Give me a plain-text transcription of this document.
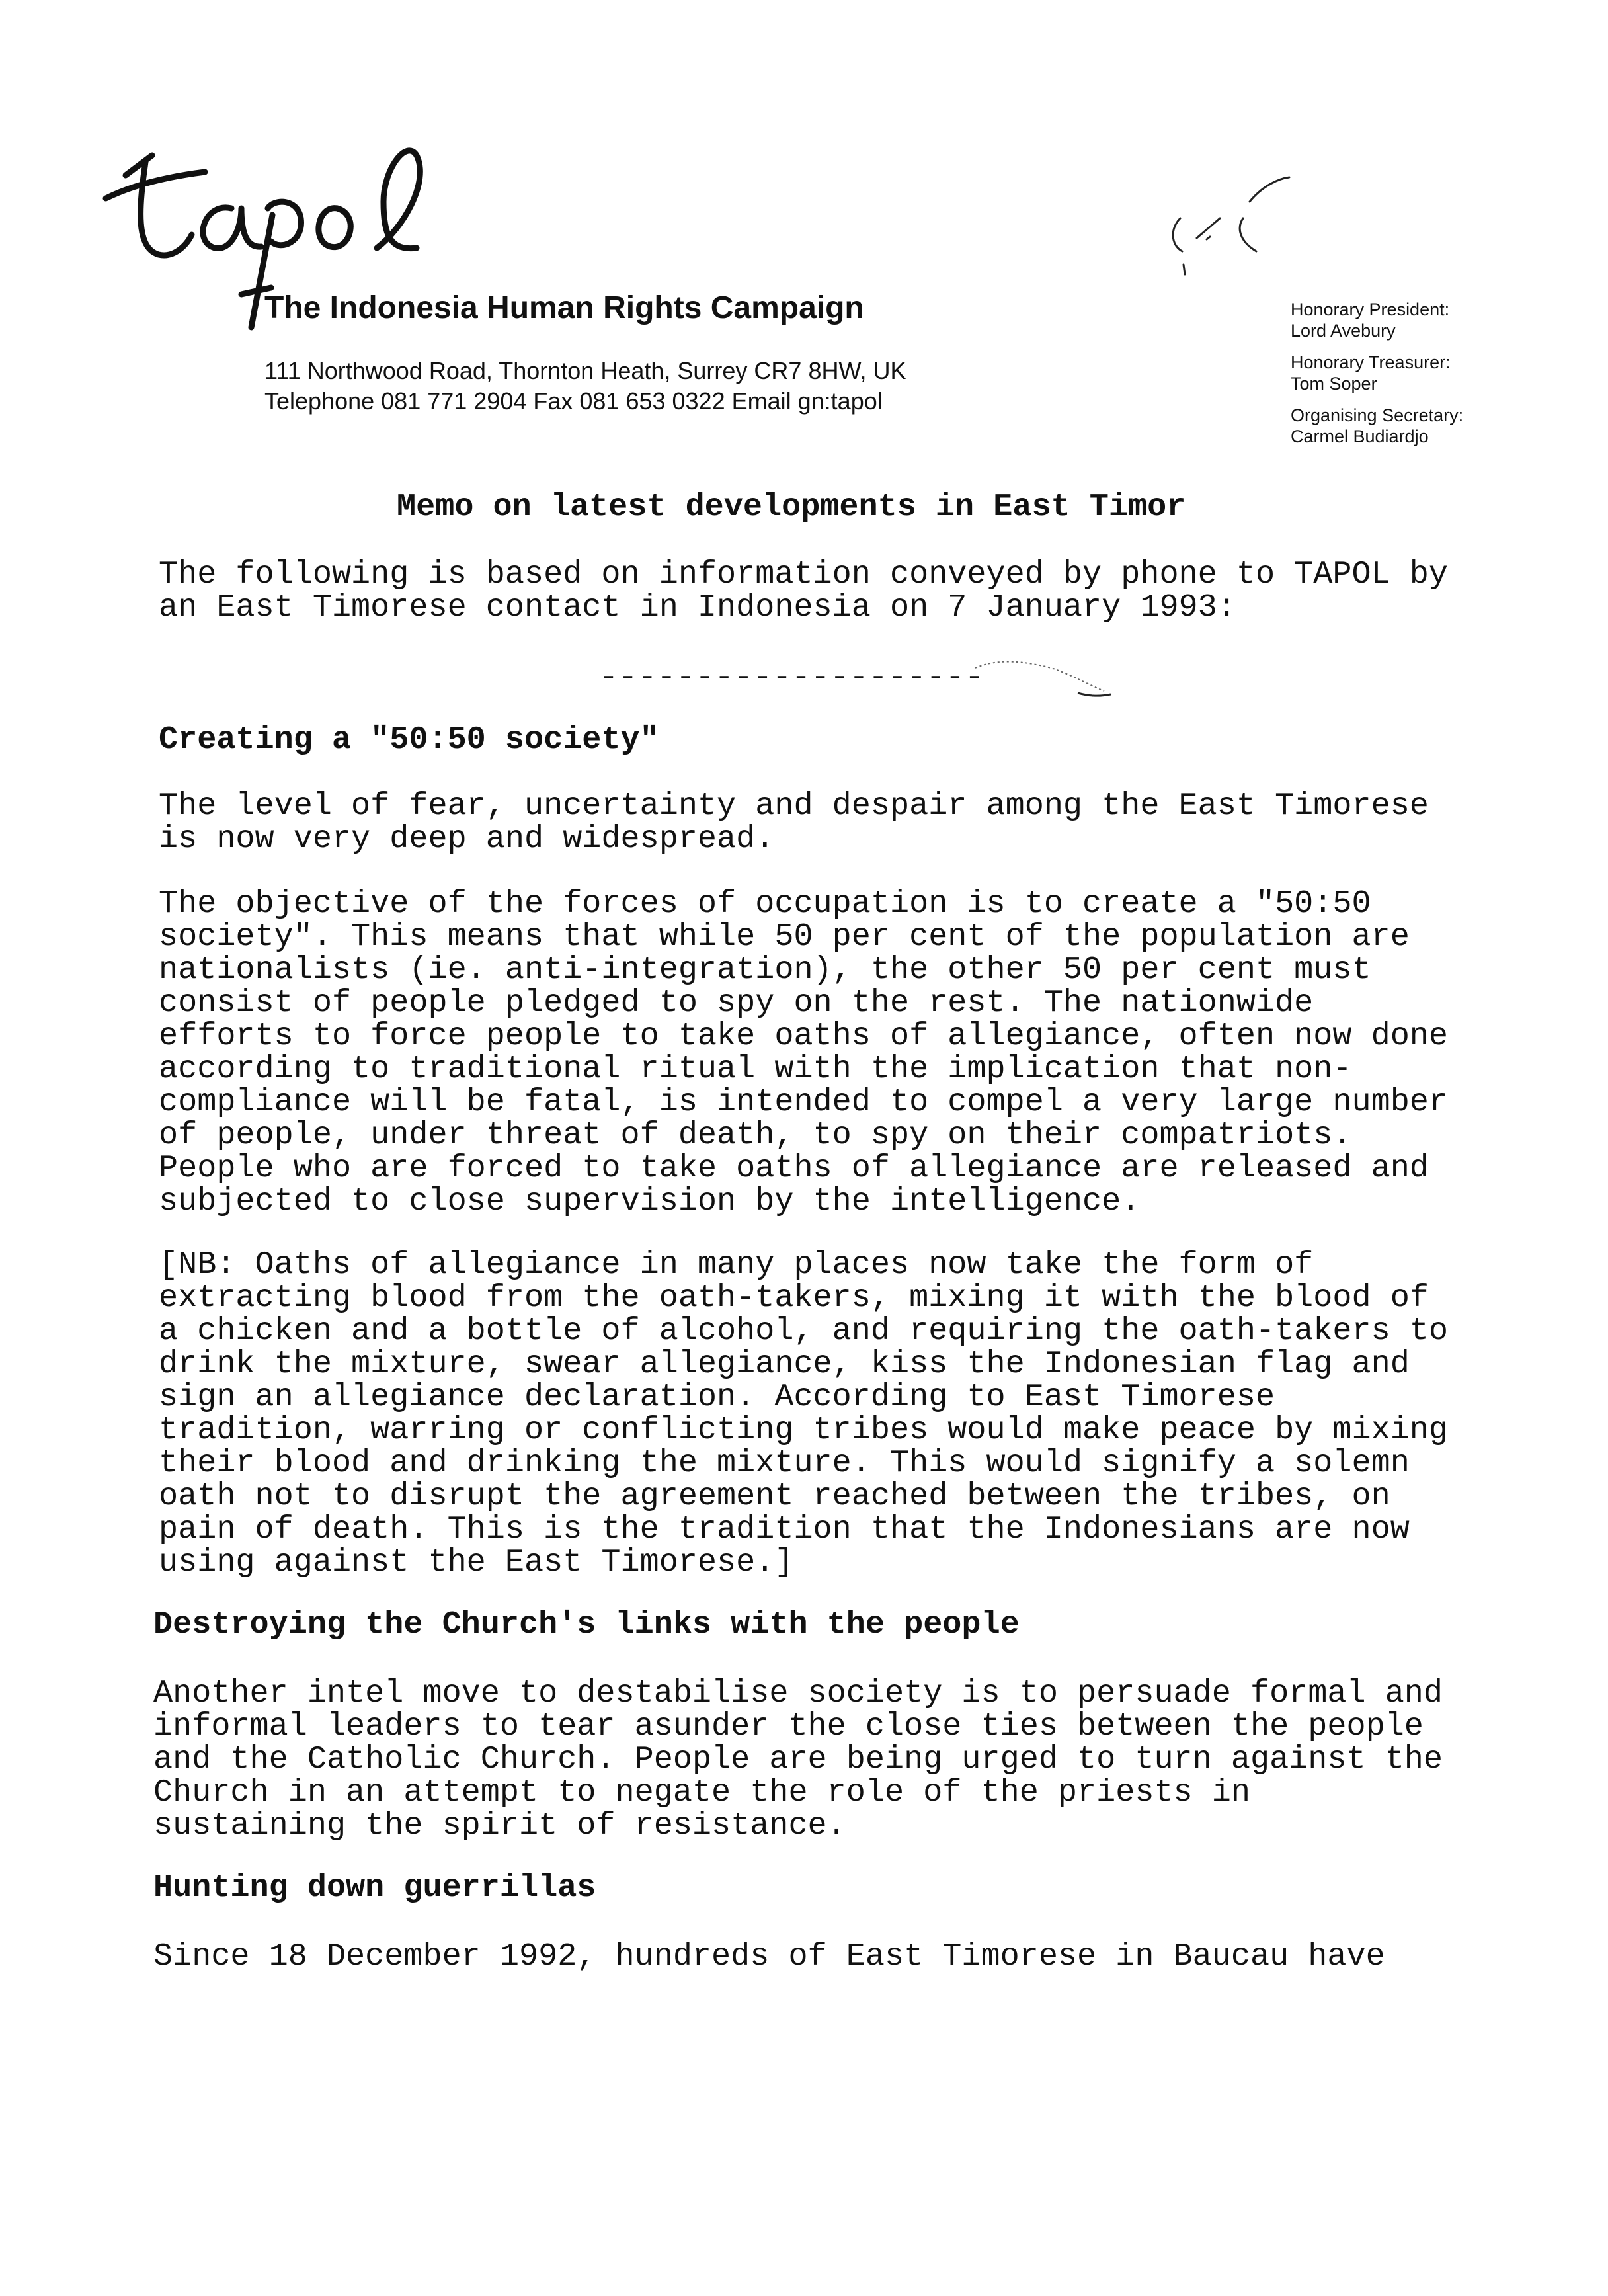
The Indonesia Human Rights Campaign
111 Northwood Road, Thornton Heath, Surrey CR7 8HW, UK
Telephone 081 771 2904 Fax 081 653 0322 Email gn:tapol
Honorary President:
Lord Avebury
Honorary Treasurer:
Tom Soper
Organising Secretary:
Carmel Budiardjo
Memo on latest developments in East Timor
The following is based on information conveyed by phone to TAPOL by
an East Timorese contact in Indonesia on 7 January 1993:
--------------------
Creating a "50:50 society"
The level of fear, uncertainty and despair among the East Timorese
is now very deep and widespread.
The objective of the forces of occupation is to create a "50:50
society". This means that while 50 per cent of the population are
nationalists (ie. anti-integration), the other 50 per cent must
consist of people pledged to spy on the rest. The nationwide
efforts to force people to take oaths of allegiance, often now done
according to traditional ritual with the implication that non-
compliance will be fatal, is intended to compel a very large number
of people, under threat of death, to spy on their compatriots.
People who are forced to take oaths of allegiance are released and
subjected to close supervision by the intelligence.
[NB: Oaths of allegiance in many places now take the form of
extracting blood from the oath-takers, mixing it with the blood of
a chicken and a bottle of alcohol, and requiring the oath-takers to
drink the mixture, swear allegiance, kiss the Indonesian flag and
sign an allegiance declaration. According to East Timorese
tradition, warring or conflicting tribes would make peace by mixing
their blood and drinking the mixture. This would signify a solemn
oath not to disrupt the agreement reached between the tribes, on
pain of death. This is the tradition that the Indonesians are now
using against the East Timorese.]
Destroying the Church's links with the people
Another intel move to destabilise society is to persuade formal and
informal leaders to tear asunder the close ties between the people
and the Catholic Church. People are being urged to turn against the
Church in an attempt to negate the role of the priests in
sustaining the spirit of resistance.
Hunting down guerrillas
Since 18 December 1992, hundreds of East Timorese in Baucau have
